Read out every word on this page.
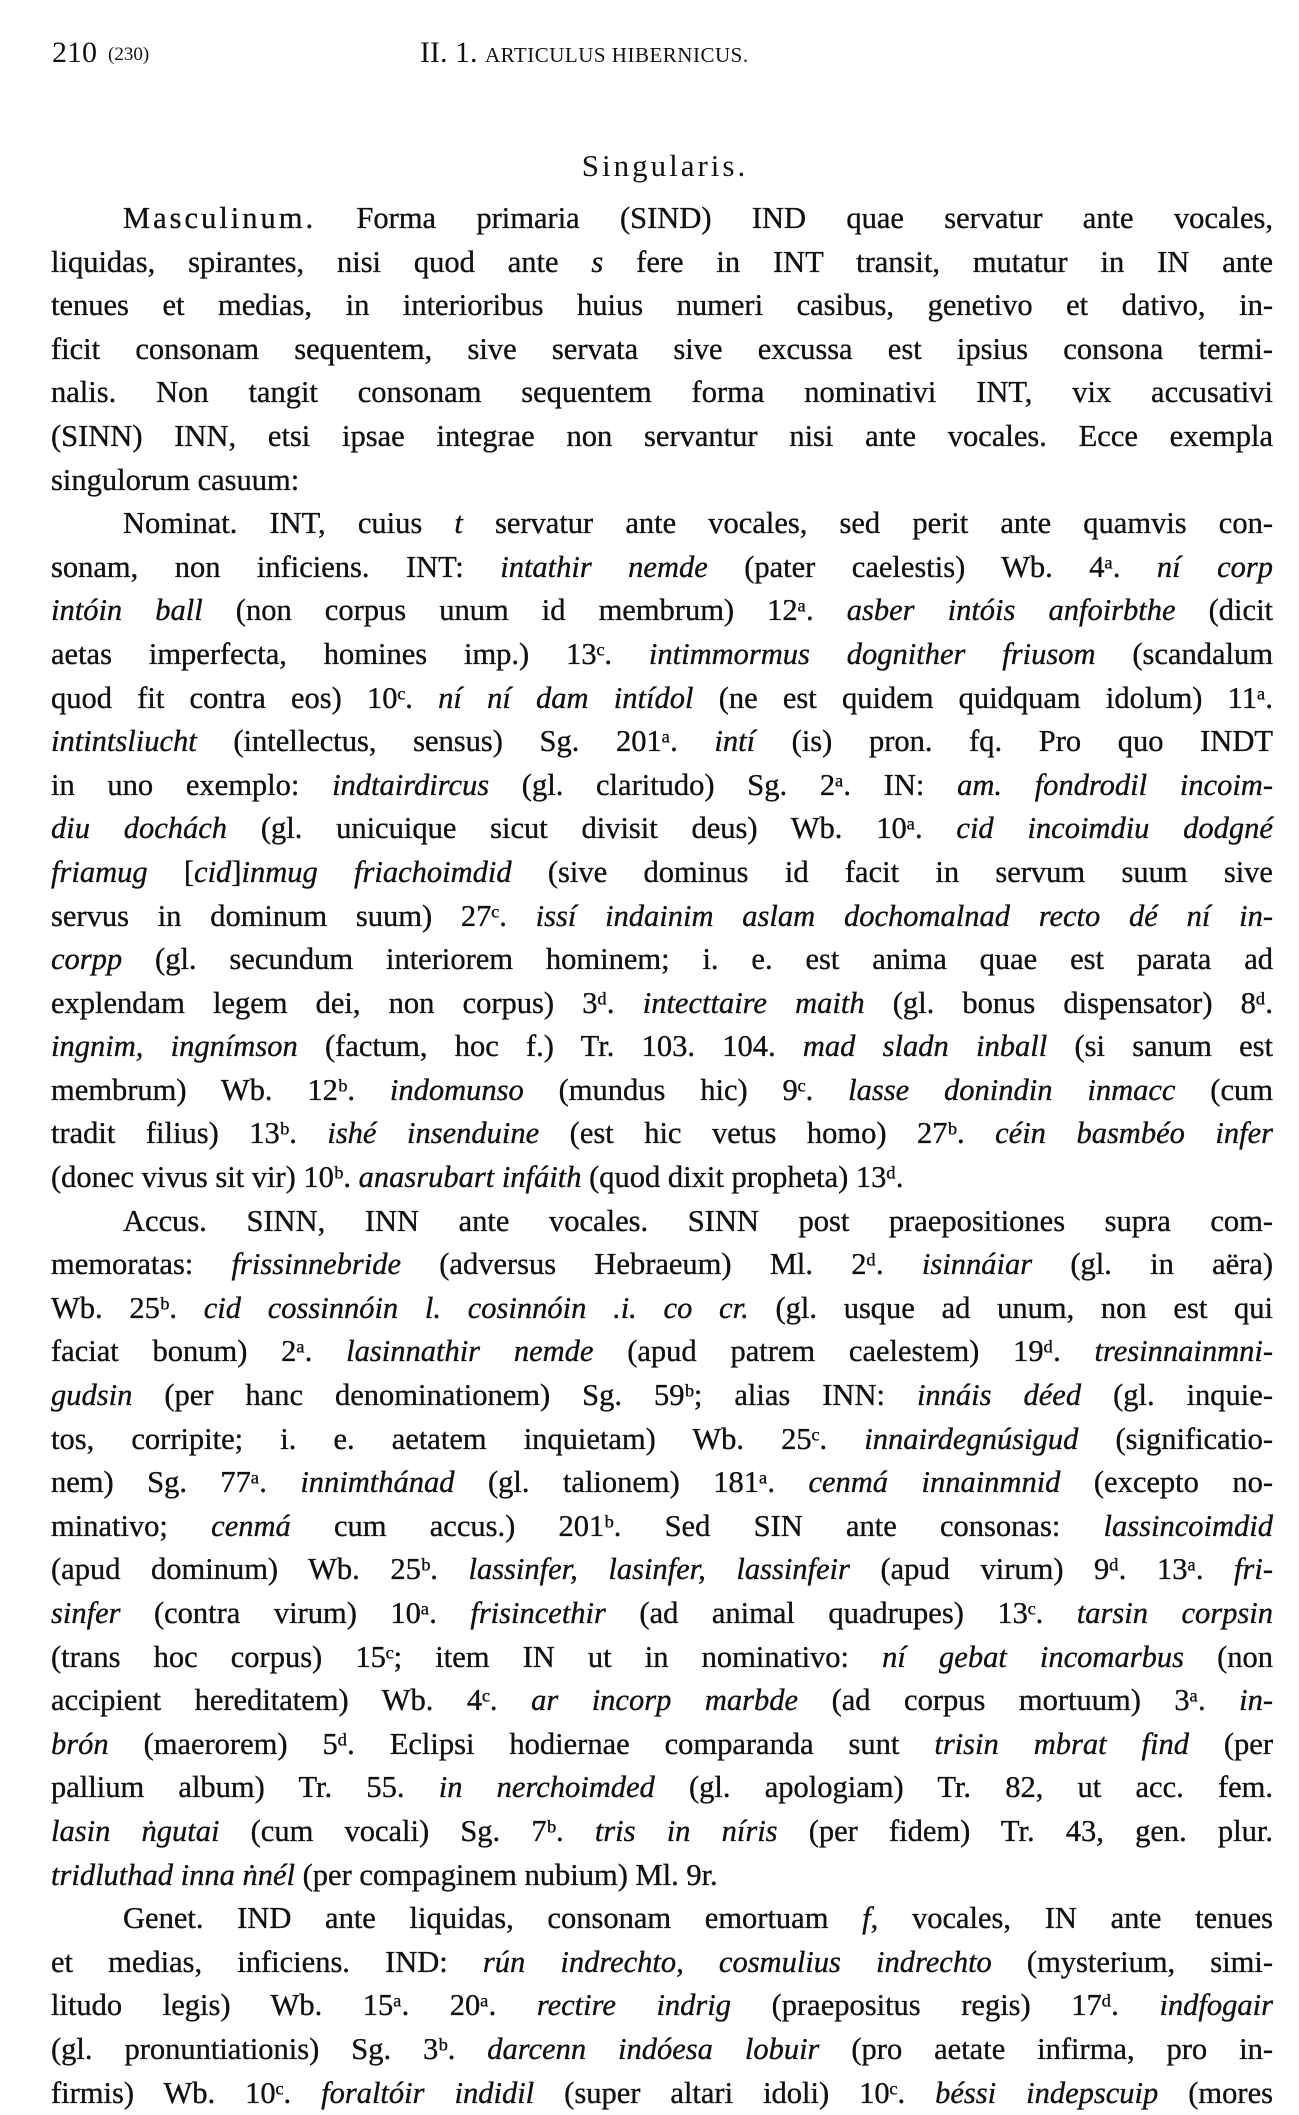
210 (230)	II. 1. ARTICULUS HIBERNICUS.
Singularis.
Masculinum. Forma primaria (SIND) IND quae servatur ante vocales,
liquidas, spirantes, nisi quod ante s fere in INT transit, mutatur in IN ante
tenues et medias, in interioribus huius numeri casibus, genetivo et dativo, in-
ficit consonam sequentem, sive servata sive excussa est ipsius consona termi-
nalis. Non tangit consonam sequentem forma nominativi INT, vix accusativi
(SINN) INN, etsi ipsae integrae non servantur nisi ante vocales. Ecce exempla
singulorum casuum:
Nominat. INT, cuius t servatur ante vocales, sed perit ante quamvis con-
sonam, non inficiens. INT: intathir nemde (pater caelestis) Wb. 4ᵃ. ní corp
intóin ball (non corpus unum id membrum) 12ᵃ. asber intóis anfoirbthe (dicit
aetas imperfecta, homines imp.) 13ᶜ. intimmormus dognither friusom (scandalum
quod fit contra eos) 10ᶜ. ní ní dam intídol (ne est quidem quidquam idolum) 11ᵃ.
intintsliucht (intellectus, sensus) Sg. 201ᵃ. intí (is) pron. fq. Pro quo INDT
in uno exemplo: indtairdircus (gl. claritudo) Sg. 2ᵃ. IN: am. fondrodil incoim-
diu dochách (gl. unicuique sicut divisit deus) Wb. 10ᵃ. cid incoimdiu dodgné
friamug [cid]inmug friachoimdid (sive dominus id facit in servum suum sive
servus in dominum suum) 27ᶜ. issí indainim aslam dochomalnad recto dé ní in-
corpp (gl. secundum interiorem hominem; i. e. est anima quae est parata ad
explendam legem dei, non corpus) 3ᵈ. intecttaire maith (gl. bonus dispensator) 8ᵈ.
ingnim, ingnímson (factum, hoc f.) Tr. 103. 104. mad sladn inball (si sanum est
membrum) Wb. 12ᵇ. indomunso (mundus hic) 9ᶜ. lasse donindin inmacc (cum
tradit filius) 13ᵇ. ishé insenduine (est hic vetus homo) 27ᵇ. céin basmbéo infer
(donec vivus sit vir) 10ᵇ. anasrubart infáith (quod dixit propheta) 13ᵈ.
Accus. SINN, INN ante vocales. SINN post praepositiones supra com-
memoratas: frissinnebride (adversus Hebraeum) Ml. 2ᵈ. isinnáiar (gl. in aëra)
Wb. 25ᵇ. cid cossinnóin l. cosinnóin .i. co cr. (gl. usque ad unum, non est qui
faciat bonum) 2ᵃ. lasinnathir nemde (apud patrem caelestem) 19ᵈ. tresinnainmni-
gudsin (per hanc denominationem) Sg. 59ᵇ; alias INN: innáis déed (gl. inquie-
tos, corripite; i. e. aetatem inquietam) Wb. 25ᶜ. innairdegnúsigud (significatio-
nem) Sg. 77ᵃ. innimthánad (gl. talionem) 181ᵃ. cenmá innainmnid (excepto no-
minativo; cenmá cum accus.) 201ᵇ. Sed SIN ante consonas: lassincoimdid
(apud dominum) Wb. 25ᵇ. lassinfer, lasinfer, lassinfeir (apud virum) 9ᵈ. 13ᵃ. fri-
sinfer (contra virum) 10ᵃ. frisincethir (ad animal quadrupes) 13ᶜ. tarsin corpsin
(trans hoc corpus) 15ᶜ; item IN ut in nominativo: ní gebat incomarbus (non
accipient hereditatem) Wb. 4ᶜ. ar incorp marbde (ad corpus mortuum) 3ᵃ. in-
brón (maerorem) 5ᵈ. Eclipsi hodiernae comparanda sunt trisin mbrat find (per
pallium album) Tr. 55. in nerchoimded (gl. apologiam) Tr. 82, ut acc. fem.
lasin ṅgutai (cum vocali) Sg. 7ᵇ. tris in níris (per fidem) Tr. 43, gen. plur.
tridluthad inna ṅnél (per compaginem nubium) Ml. 9r.
Genet. IND ante liquidas, consonam emortuam f, vocales, IN ante tenues
et medias, inficiens. IND: rún indrechto, cosmulius indrechto (mysterium, simi-
litudo legis) Wb. 15ᵃ. 20ᵃ. rectire indrig (praepositus regis) 17ᵈ. indfogair
(gl. pronuntiationis) Sg. 3ᵇ. darcenn indóesa lobuir (pro aetate infirma, pro in-
firmis) Wb. 10ᶜ. foraltóir indidil (super altari idoli) 10ᶜ. béssi indepscuip (mores
